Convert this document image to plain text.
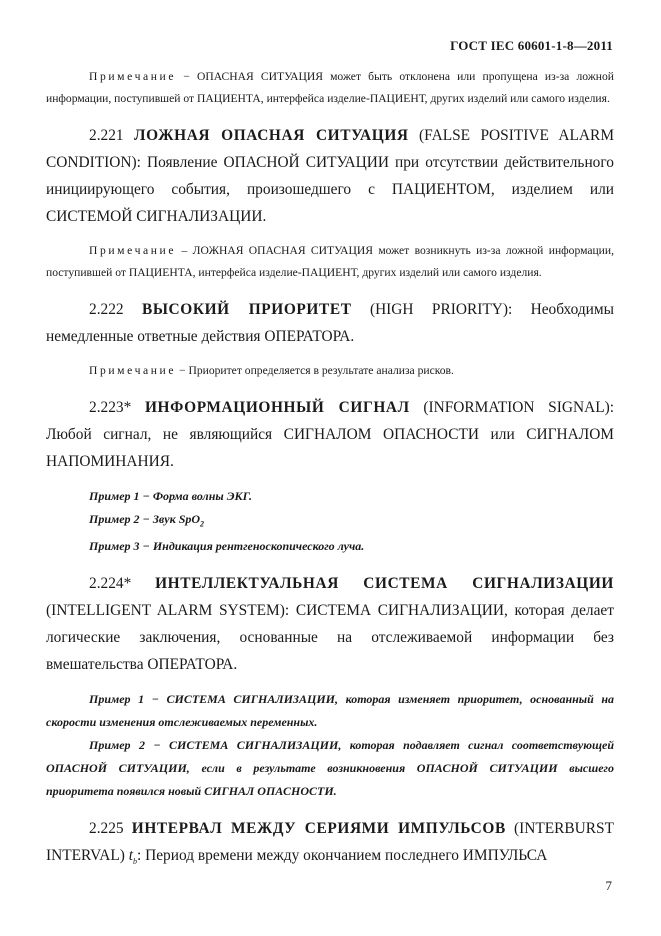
ГОСТ IEC 60601-1-8—2011

Примечание − ОПАСНАЯ СИТУАЦИЯ может быть отклонена или пропущена из-за ложной информации, поступившей от ПАЦИЕНТА, интерфейса изделие-ПАЦИЕНТ, других изделий или самого изделия.

2.221 ЛОЖНАЯ ОПАСНАЯ СИТУАЦИЯ (FALSE POSITIVE ALARM CONDITION): Появление ОПАСНОЙ СИТУАЦИИ при отсутствии действительного инициирующего события, произошедшего с ПАЦИЕНТОМ, изделием или СИСТЕМОЙ СИГНАЛИЗАЦИИ.

Примечание – ЛОЖНАЯ ОПАСНАЯ СИТУАЦИЯ может возникнуть из-за ложной информации, поступившей от ПАЦИЕНТА, интерфейса изделие-ПАЦИЕНТ, других изделий или самого изделия.

2.222 ВЫСОКИЙ ПРИОРИТЕТ (HIGH PRIORITY): Необходимы немедленные ответные действия ОПЕРАТОРА.

Примечание − Приоритет определяется в результате анализа рисков.

2.223* ИНФОРМАЦИОННЫЙ СИГНАЛ (INFORMATION SIGNAL): Любой сигнал, не являющийся СИГНАЛОМ ОПАСНОСТИ или СИГНАЛОМ НАПОМИНАНИЯ.

Пример 1 − Форма волны ЭКГ.

Пример 2 − Звук SpO$_2$

Пример 3 − Индикация рентгеноскопического луча.

2.224* ИНТЕЛЛЕКТУАЛЬНАЯ СИСТЕМА СИГНАЛИЗАЦИИ (INTELLIGENT ALARM SYSTEM): СИСТЕМА СИГНАЛИЗАЦИИ, которая делает логические заключения, основанные на отслеживаемой информации без вмешательства ОПЕРАТОРА.

Пример 1 − СИСТЕМА СИГНАЛИЗАЦИИ, которая изменяет приоритет, основанный на скорости изменения отслеживаемых переменных.

Пример 2 − СИСТЕМА СИГНАЛИЗАЦИИ, которая подавляет сигнал соответствующей ОПАСНОЙ СИТУАЦИИ, если в результате возникновения ОПАСНОЙ СИТУАЦИИ высшего приоритета появился новый СИГНАЛ ОПАСНОСТИ.

2.225 ИНТЕРВАЛ МЕЖДУ СЕРИЯМИ ИМПУЛЬСОВ (INTERBURST INTERVAL) $t_b$: Период времени между окончанием последнего ИМПУЛЬСА

7
